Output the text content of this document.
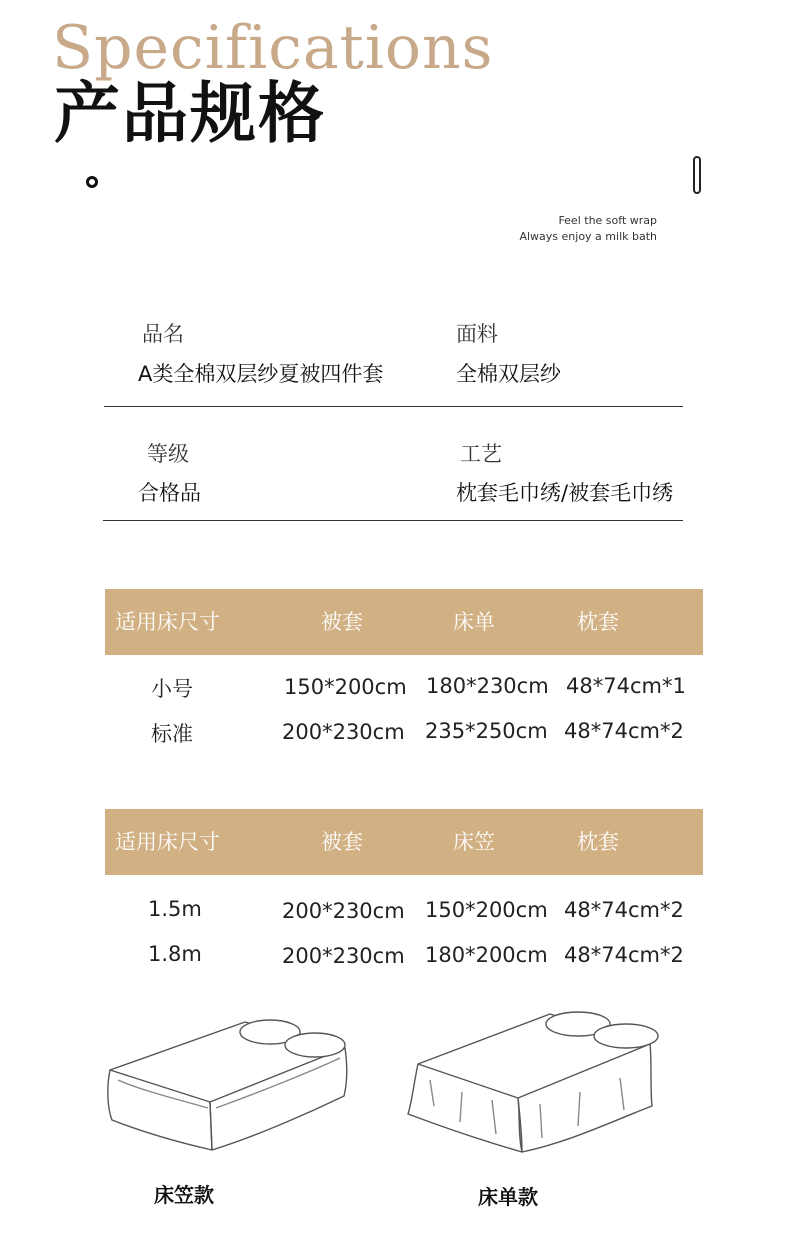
Specifications
产品规格
Feel the soft wrap
Always enjoy a milk bath
品名
A类全棉双层纱夏被四件套
面料
全棉双层纱
等级
合格品
工艺
枕套毛巾绣/被套毛巾绣
适用床尺寸	被套	床单	枕套
小号	150*200cm 180*230cm 48*74cm*1
标准	200*230cm 235*250cm 48*74cm*2
适用床尺寸	被套	床笠	枕套
1.5m	200*230cm 150*200cm 48*74cm*2
1.8m	200*230cm 180*200cm 48*74cm*2
床笠款	床单款
